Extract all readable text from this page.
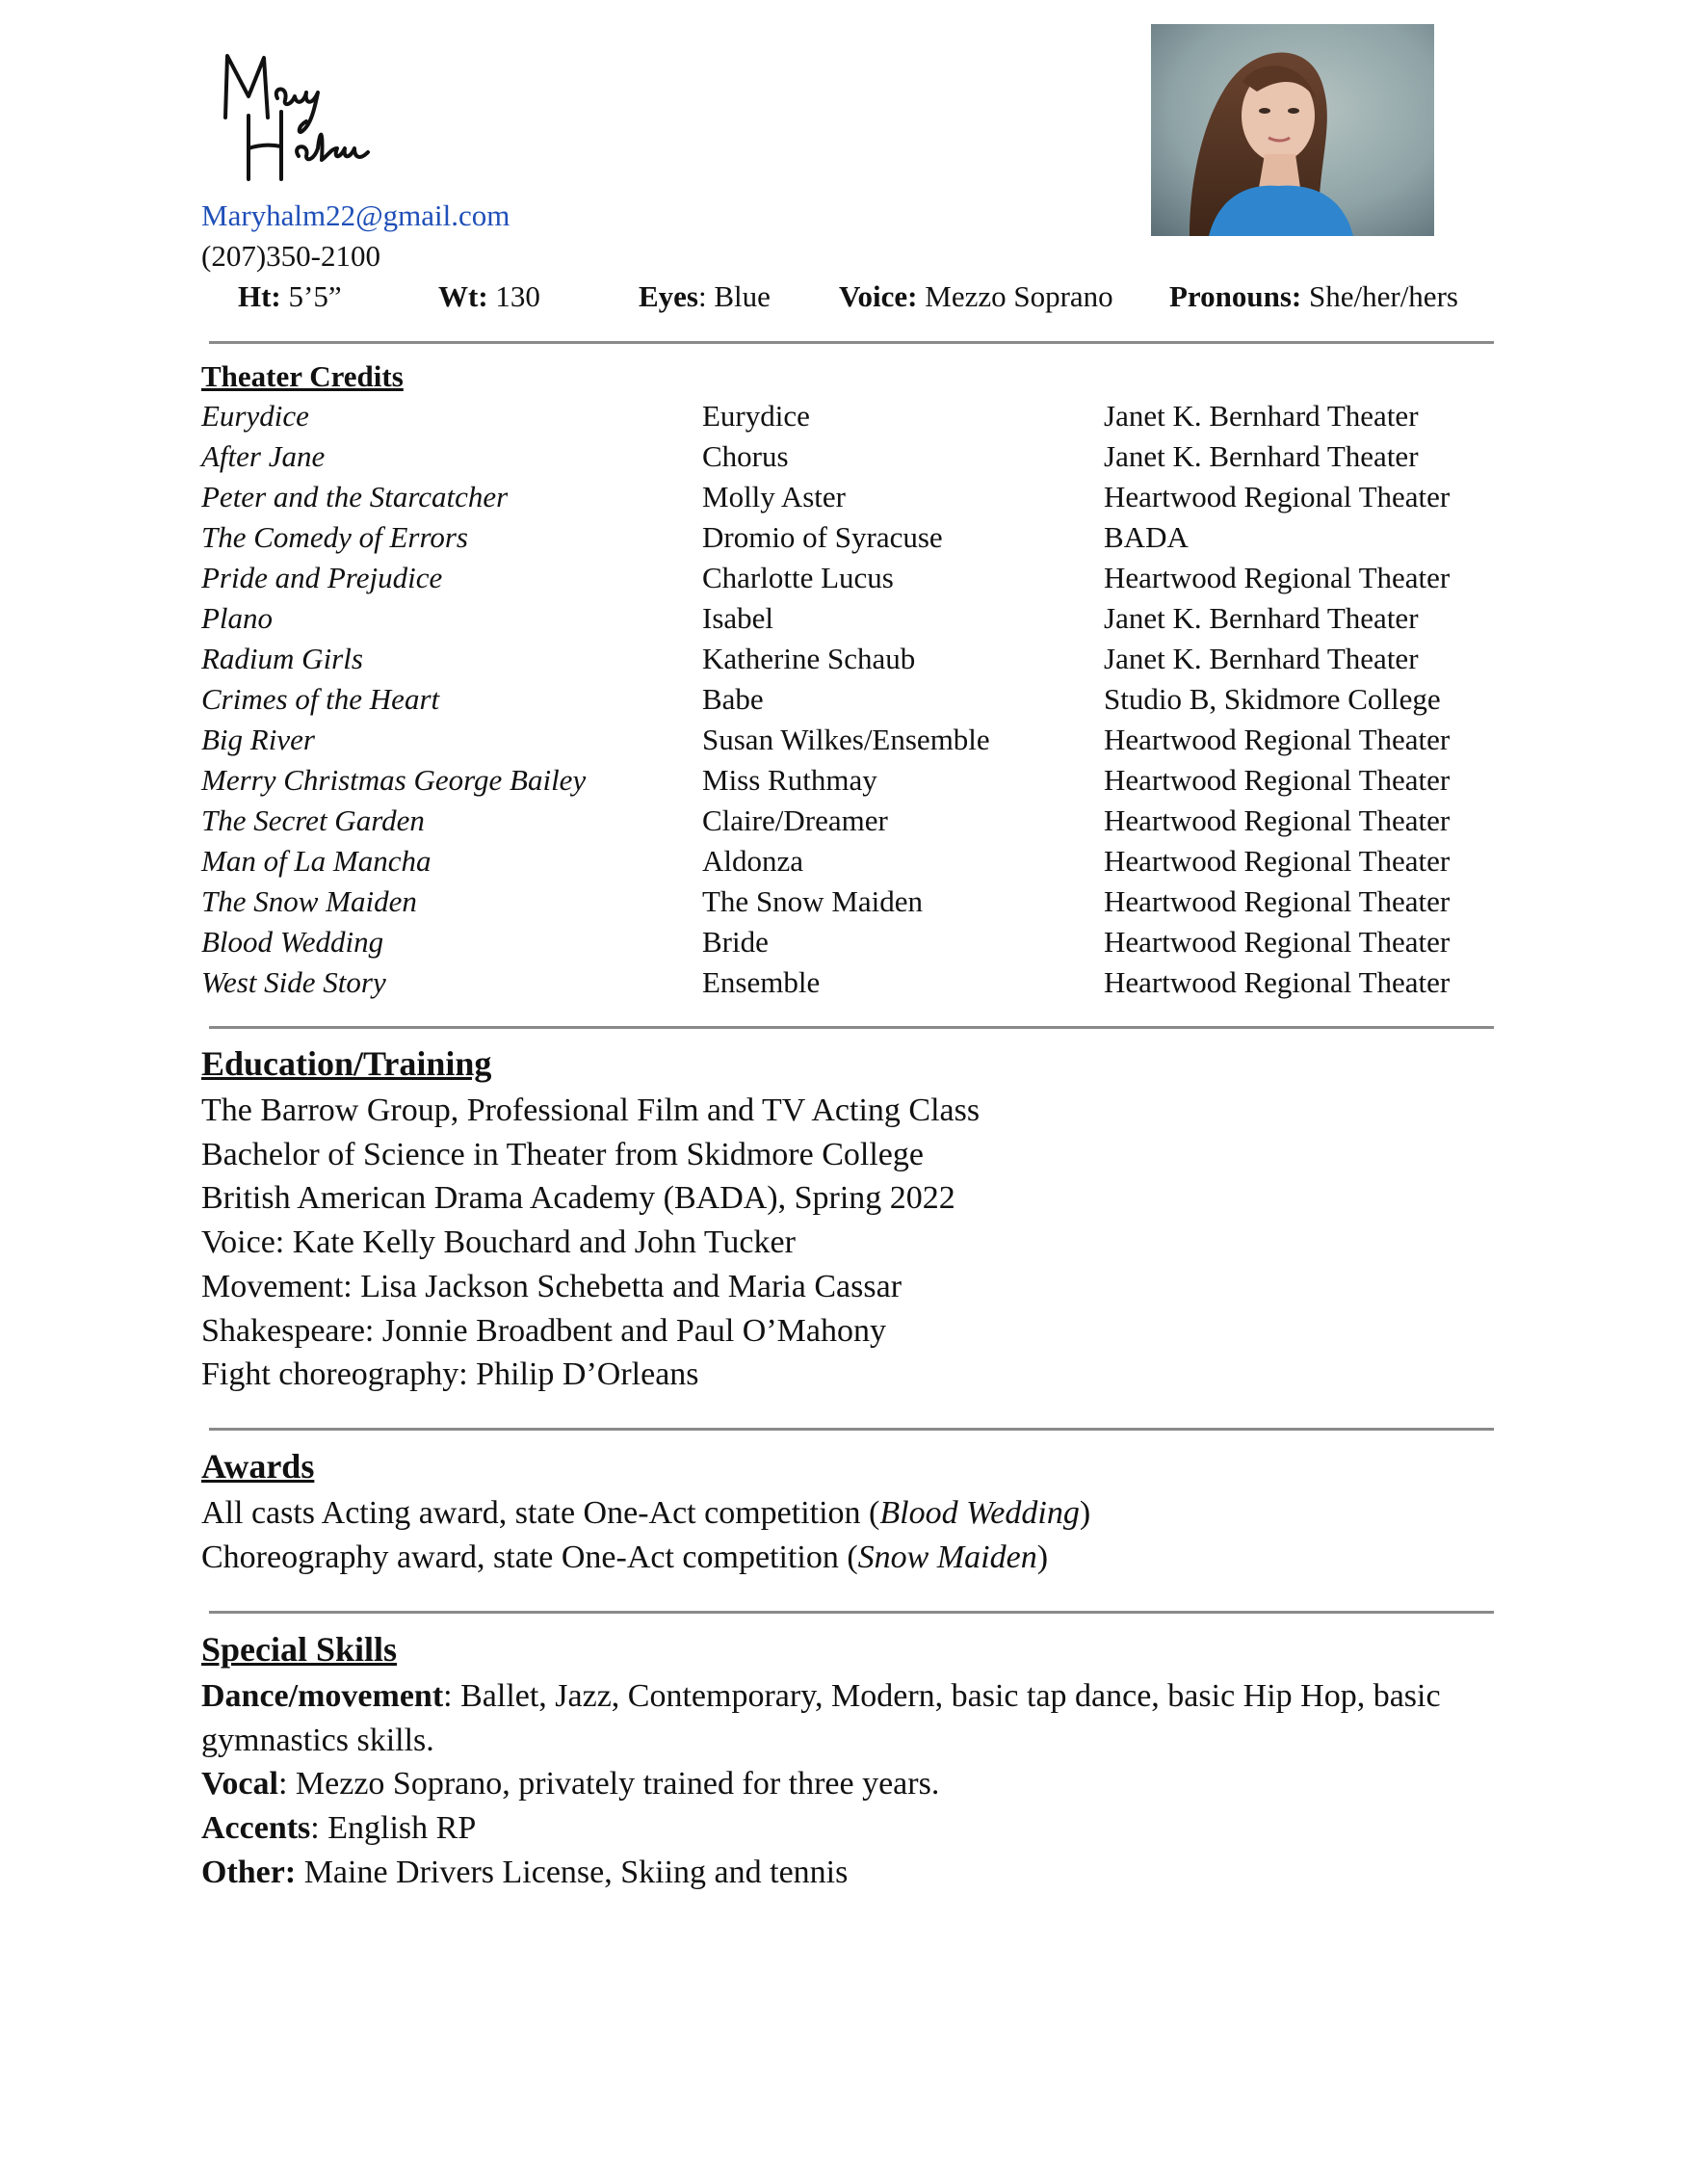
Maryhalm22@gmail.com
(207)350-2100
Ht: 5’5”	Wt: 130	Eyes: Blue Voice: Mezzo Soprano Pronouns: She/her/hers
Theater Credits
Eurydice	Eurydice	Janet K. Bernhard Theater
After Jane	Chorus	Janet K. Bernhard Theater
Peter and the Starcatcher	Molly Aster	Heartwood Regional Theater
The Comedy of Errors	Dromio of Syracuse	BADA
Pride and Prejudice	Charlotte Lucus	Heartwood Regional Theater
Plano	Isabel	Janet K. Bernhard Theater
Radium Girls	Katherine Schaub	Janet K. Bernhard Theater
Crimes of the Heart	Babe	Studio B, Skidmore College
Big River	Susan Wilkes/Ensemble	Heartwood Regional Theater
Merry Christmas George Bailey	Miss Ruthmay	Heartwood Regional Theater
The Secret Garden	Claire/Dreamer	Heartwood Regional Theater
Man of La Mancha	Aldonza	Heartwood Regional Theater
The Snow Maiden	The Snow Maiden	Heartwood Regional Theater
Blood Wedding	Bride	Heartwood Regional Theater
West Side Story	Ensemble	Heartwood Regional Theater
Education/Training
The Barrow Group, Professional Film and TV Acting Class
Bachelor of Science in Theater from Skidmore College
British American Drama Academy (BADA), Spring 2022
Voice: Kate Kelly Bouchard and John Tucker
Movement: Lisa Jackson Schebetta and Maria Cassar
Shakespeare: Jonnie Broadbent and Paul O’Mahony
Fight choreography: Philip D’Orleans
Awards
All casts Acting award, state One-Act competition (Blood Wedding)
Choreography award, state One-Act competition (Snow Maiden)
Special Skills
Dance/movement: Ballet, Jazz, Contemporary, Modern, basic tap dance, basic Hip Hop, basic gymnastics skills.
Vocal: Mezzo Soprano, privately trained for three years.
Accents: English RP
Other: Maine Drivers License, Skiing and tennis
